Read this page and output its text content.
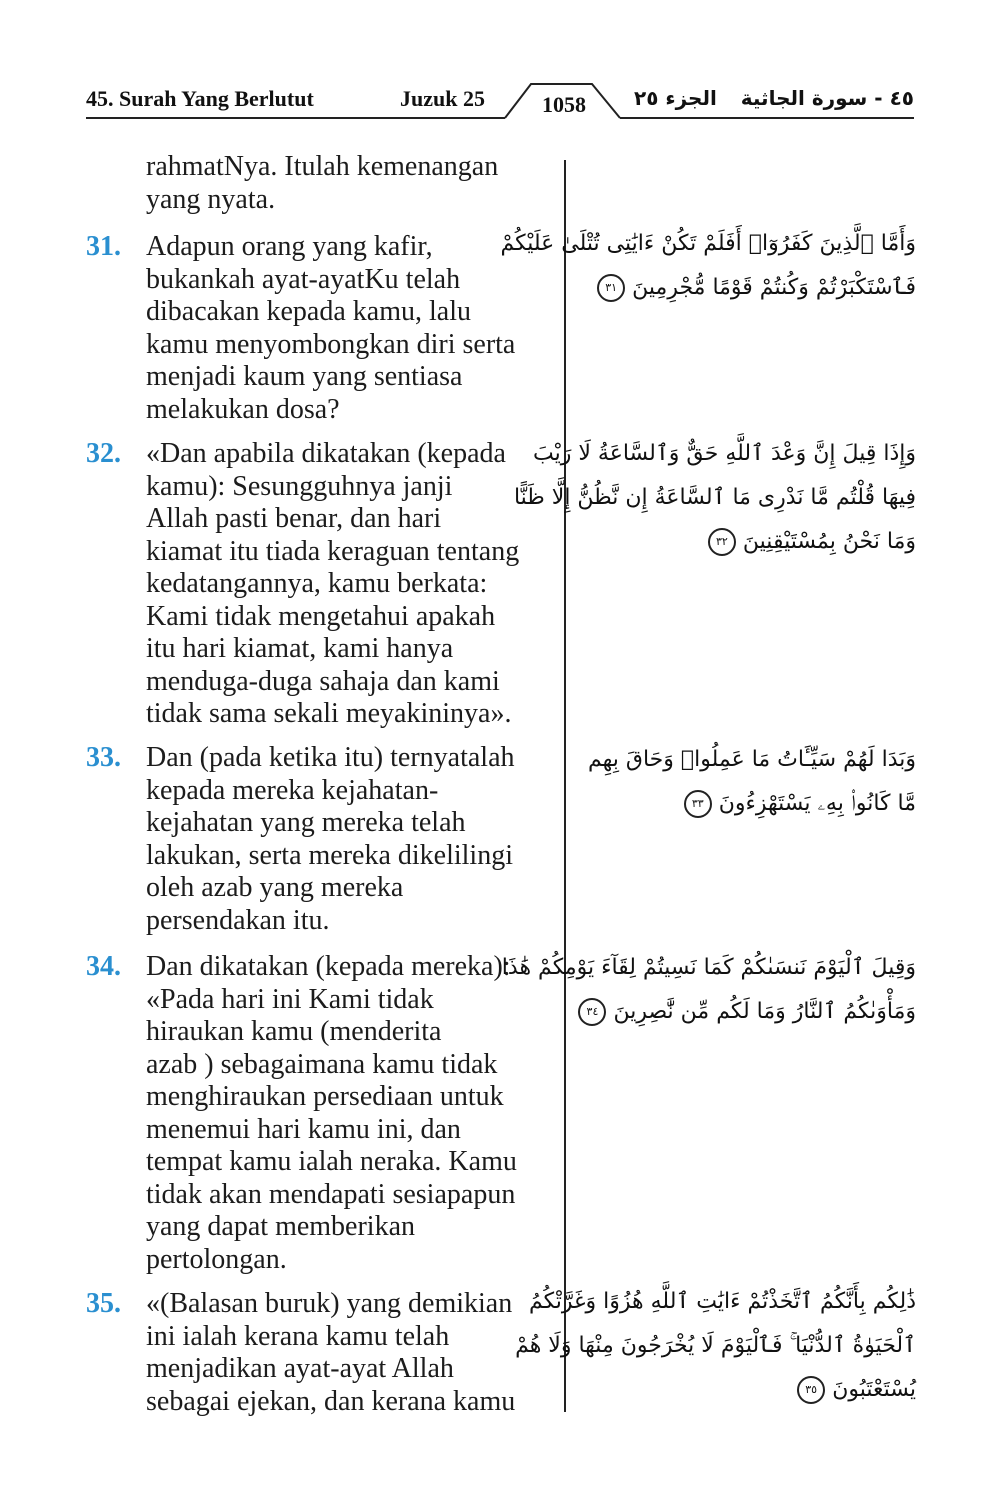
45. Surah Yang Berlutut	Juzuk 25	1058	الجزء ٢٥ ٤٥ - سورة الجاثية

rahmatNya. Itulah kemenangan
yang nyata.

31. Adapun orang yang kafir,
bukankah ayat-ayatKu telah
dibacakan kepada kamu, lalu
kamu menyombongkan diri serta
menjadi kaum yang sentiasa
melakukan dosa?

32. «Dan apabila dikatakan (kepada
kamu): Sesungguhnya janji
Allah pasti benar, dan hari
kiamat itu tiada keraguan tentang
kedatangannya, kamu berkata:
Kami tidak mengetahui apakah
itu hari kiamat, kami hanya
menduga-duga sahaja dan kami
tidak sama sekali meyakininya».

33. Dan (pada ketika itu) ternyatalah
kepada mereka kejahatan-
kejahatan yang mereka telah
lakukan, serta mereka dikelilingi
oleh azab yang mereka
persendakan itu.

34. Dan dikatakan (kepada mereka):
«Pada hari ini Kami tidak
hiraukan kamu (menderita
azab ) sebagaimana kamu tidak
menghiraukan persediaan untuk
menemui hari kamu ini, dan
tempat kamu ialah neraka. Kamu
tidak akan mendapati sesiapapun
yang dapat memberikan
pertolongan.

35. «(Balasan buruk) yang demikian
ini ialah kerana kamu telah
menjadikan ayat-ayat Allah
sebagai ejekan, dan kerana kamu

وَأَمَّا ٱلَّذِينَ كَفَرُوٓا۟ أَفَلَمْ تَكُنْ ءَايَٰتِى تُتْلَىٰ عَلَيْكُمْ
فَٱسْتَكْبَرْتُمْ وَكُنتُمْ قَوْمًا مُّجْرِمِينَ ٣١
وَإِذَا قِيلَ إِنَّ وَعْدَ ٱللَّهِ حَقٌّ وَٱلسَّاعَةُ لَا رَيْبَ
فِيهَا قُلْتُم مَّا نَدْرِى مَا ٱلسَّاعَةُ إِن نَّظُنُّ إِلَّا ظَنًّا
وَمَا نَحْنُ بِمُسْتَيْقِنِينَ ٣٢
وَبَدَا لَهُمْ سَيِّـَٔاتُ مَا عَمِلُوا۟ وَحَاقَ بِهِم
مَّا كَانُوا۟ بِهِۦ يَسْتَهْزِءُونَ ٣٣
وَقِيلَ ٱلْيَوْمَ نَنسَىٰكُمْ كَمَا نَسِيتُمْ لِقَآءَ يَوْمِكُمْ هَٰذَا
وَمَأْوَىٰكُمُ ٱلنَّارُ وَمَا لَكُم مِّن نَّٰصِرِينَ ٣٤
ذَٰلِكُم بِأَنَّكُمُ ٱتَّخَذْتُمْ ءَايَٰتِ ٱللَّهِ هُزُوًا وَغَرَّتْكُمُ
ٱلْحَيَوٰةُ ٱلدُّنْيَا ۚ فَٱلْيَوْمَ لَا يُخْرَجُونَ مِنْهَا وَلَا هُمْ
يُسْتَعْتَبُونَ ٣٥
